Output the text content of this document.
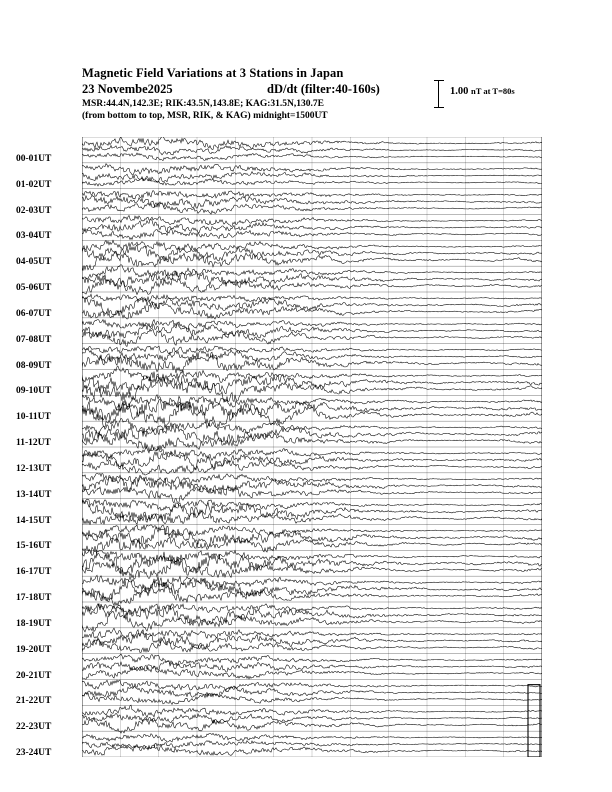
Magnetic Field Variations at 3 Stations in Japan
23 Novembe2025	dD/dt (filter:40-160s)
MSR:44.4N,142.3E; RIK:43.5N,143.8E; KAG:31.5N,130.7E
(from bottom to top, MSR, RIK, & KAG) midnight=1500UT
1.00 nT at T=80s
00-01UT
01-02UT
02-03UT
03-04UT
04-05UT
05-06UT
06-07UT
07-08UT
08-09UT
09-10UT
10-11UT
11-12UT
12-13UT
13-14UT
14-15UT
15-16UT
16-17UT
17-18UT
18-19UT
19-20UT
20-21UT
21-22UT
22-23UT
23-24UT
